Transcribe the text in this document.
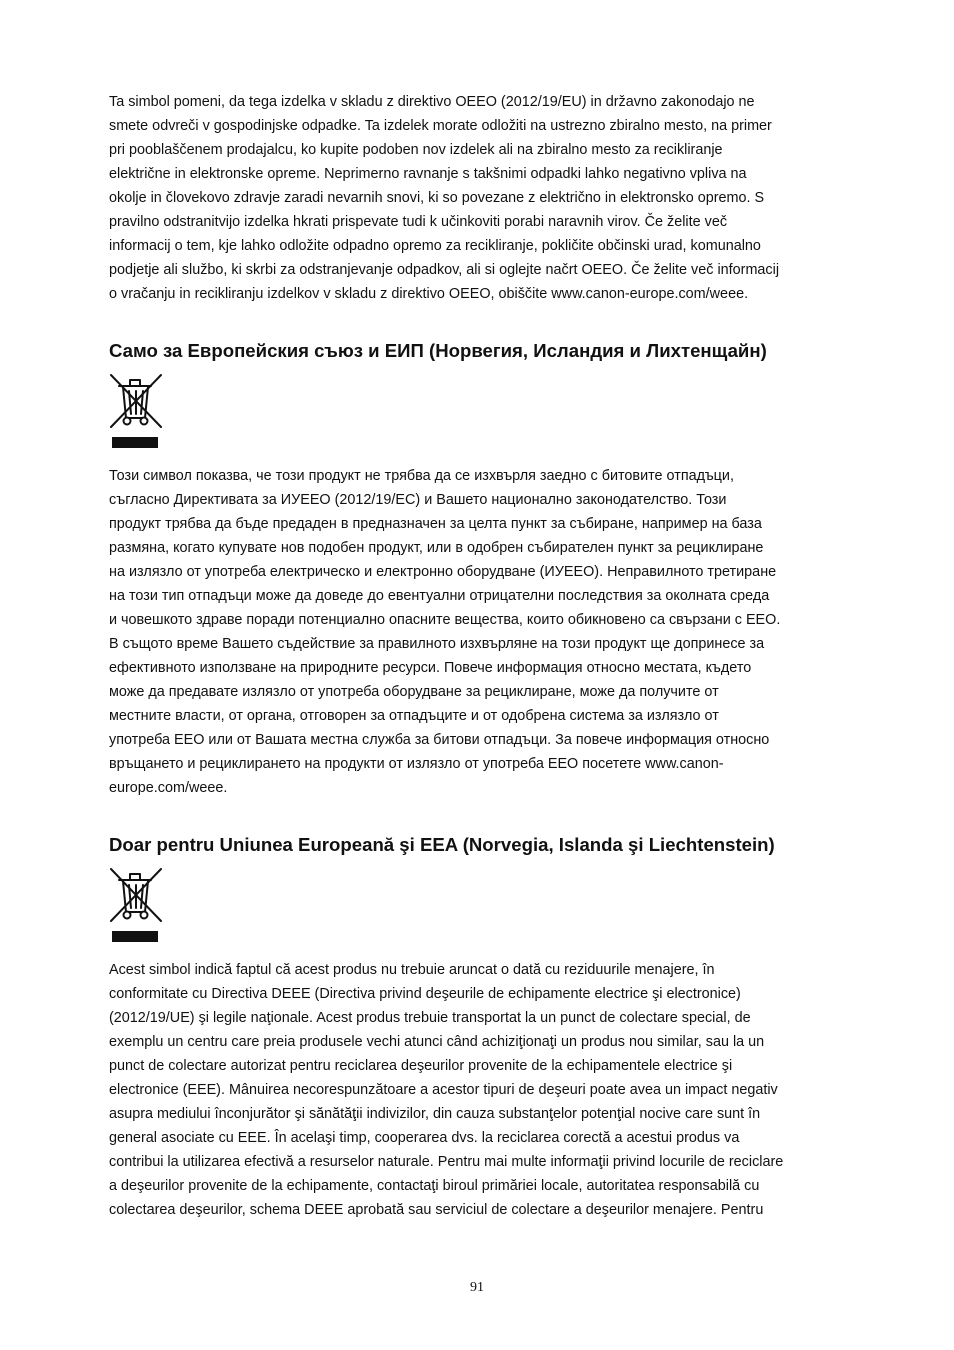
Ta simbol pomeni, da tega izdelka v skladu z direktivo OEEO (2012/19/EU) in državno zakonodajo ne
smete odvreči v gospodinjske odpadke. Ta izdelek morate odložiti na ustrezno zbiralno mesto, na primer
pri pooblaščenem prodajalcu, ko kupite podoben nov izdelek ali na zbiralno mesto za recikliranje
električne in elektronske opreme. Neprimerno ravnanje s takšnimi odpadki lahko negativno vpliva na
okolje in človekovo zdravje zaradi nevarnih snovi, ki so povezane z električno in elektronsko opremo. S
pravilno odstranitvijo izdelka hkrati prispevate tudi k učinkoviti porabi naravnih virov. Če želite več
informacij o tem, kje lahko odložite odpadno opremo za recikliranje, pokličite občinski urad, komunalno
podjetje ali službo, ki skrbi za odstranjevanje odpadkov, ali si oglejte načrt OEEO. Če želite več informacij
o vračanju in recikliranju izdelkov v skladu z direktivo OEEO, obiščite www.canon-europe.com/weee.

Само за Европейския съюз и ЕИП (Норвегия, Исландия и Лихтенщайн)

Този символ показва, че този продукт не трябва да се изхвърля заедно с битовите отпадъци,
съгласно Директивата за ИУЕЕО (2012/19/ЕС) и Вашето национално законодателство. Този
продукт трябва да бъде предаден в предназначен за целта пункт за събиране, например на база
размяна, когато купувате нов подобен продукт, или в одобрен събирателен пункт за рециклиране
на излязло от употреба електрическо и електронно оборудване (ИУЕЕО). Неправилното третиране
на този тип отпадъци може да доведе до евентуални отрицателни последствия за околната среда
и човешкото здраве поради потенциално опасните вещества, които обикновено са свързани с ЕЕО.
В същото време Вашето съдействие за правилното изхвърляне на този продукт ще допринесе за
ефективното използване на природните ресурси. Повече информация относно местата, където
може да предавате излязло от употреба оборудване за рециклиране, може да получите от
местните власти, от органа, отговорен за отпадъците и от одобрена система за излязло от
употреба ЕЕО или от Вашата местна служба за битови отпадъци. За повече информация относно
връщането и рециклирането на продукти от излязло от употреба ЕЕО посетете www.canon-
europe.com/weee.

Doar pentru Uniunea Europeană şi EEA (Norvegia, Islanda şi Liechtenstein)

Acest simbol indică faptul că acest produs nu trebuie aruncat o dată cu reziduurile menajere, în
conformitate cu Directiva DEEE (Directiva privind deşeurile de echipamente electrice şi electronice)
(2012/19/UE) şi legile naţionale. Acest produs trebuie transportat la un punct de colectare special, de
exemplu un centru care preia produsele vechi atunci când achiziţionaţi un produs nou similar, sau la un
punct de colectare autorizat pentru reciclarea deşeurilor provenite de la echipamentele electrice şi
electronice (EEE). Mânuirea necorespunzătoare a acestor tipuri de deşeuri poate avea un impact negativ
asupra mediului înconjurător şi sănătăţii indivizilor, din cauza substanţelor potenţial nocive care sunt în
general asociate cu EEE. În acelaşi timp, cooperarea dvs. la reciclarea corectă a acestui produs va
contribui la utilizarea efectivă a resurselor naturale. Pentru mai multe informaţii privind locurile de reciclare
a deşeurilor provenite de la echipamente, contactaţi biroul primăriei locale, autoritatea responsabilă cu
colectarea deşeurilor, schema DEEE aprobată sau serviciul de colectare a deşeurilor menajere. Pentru

91
